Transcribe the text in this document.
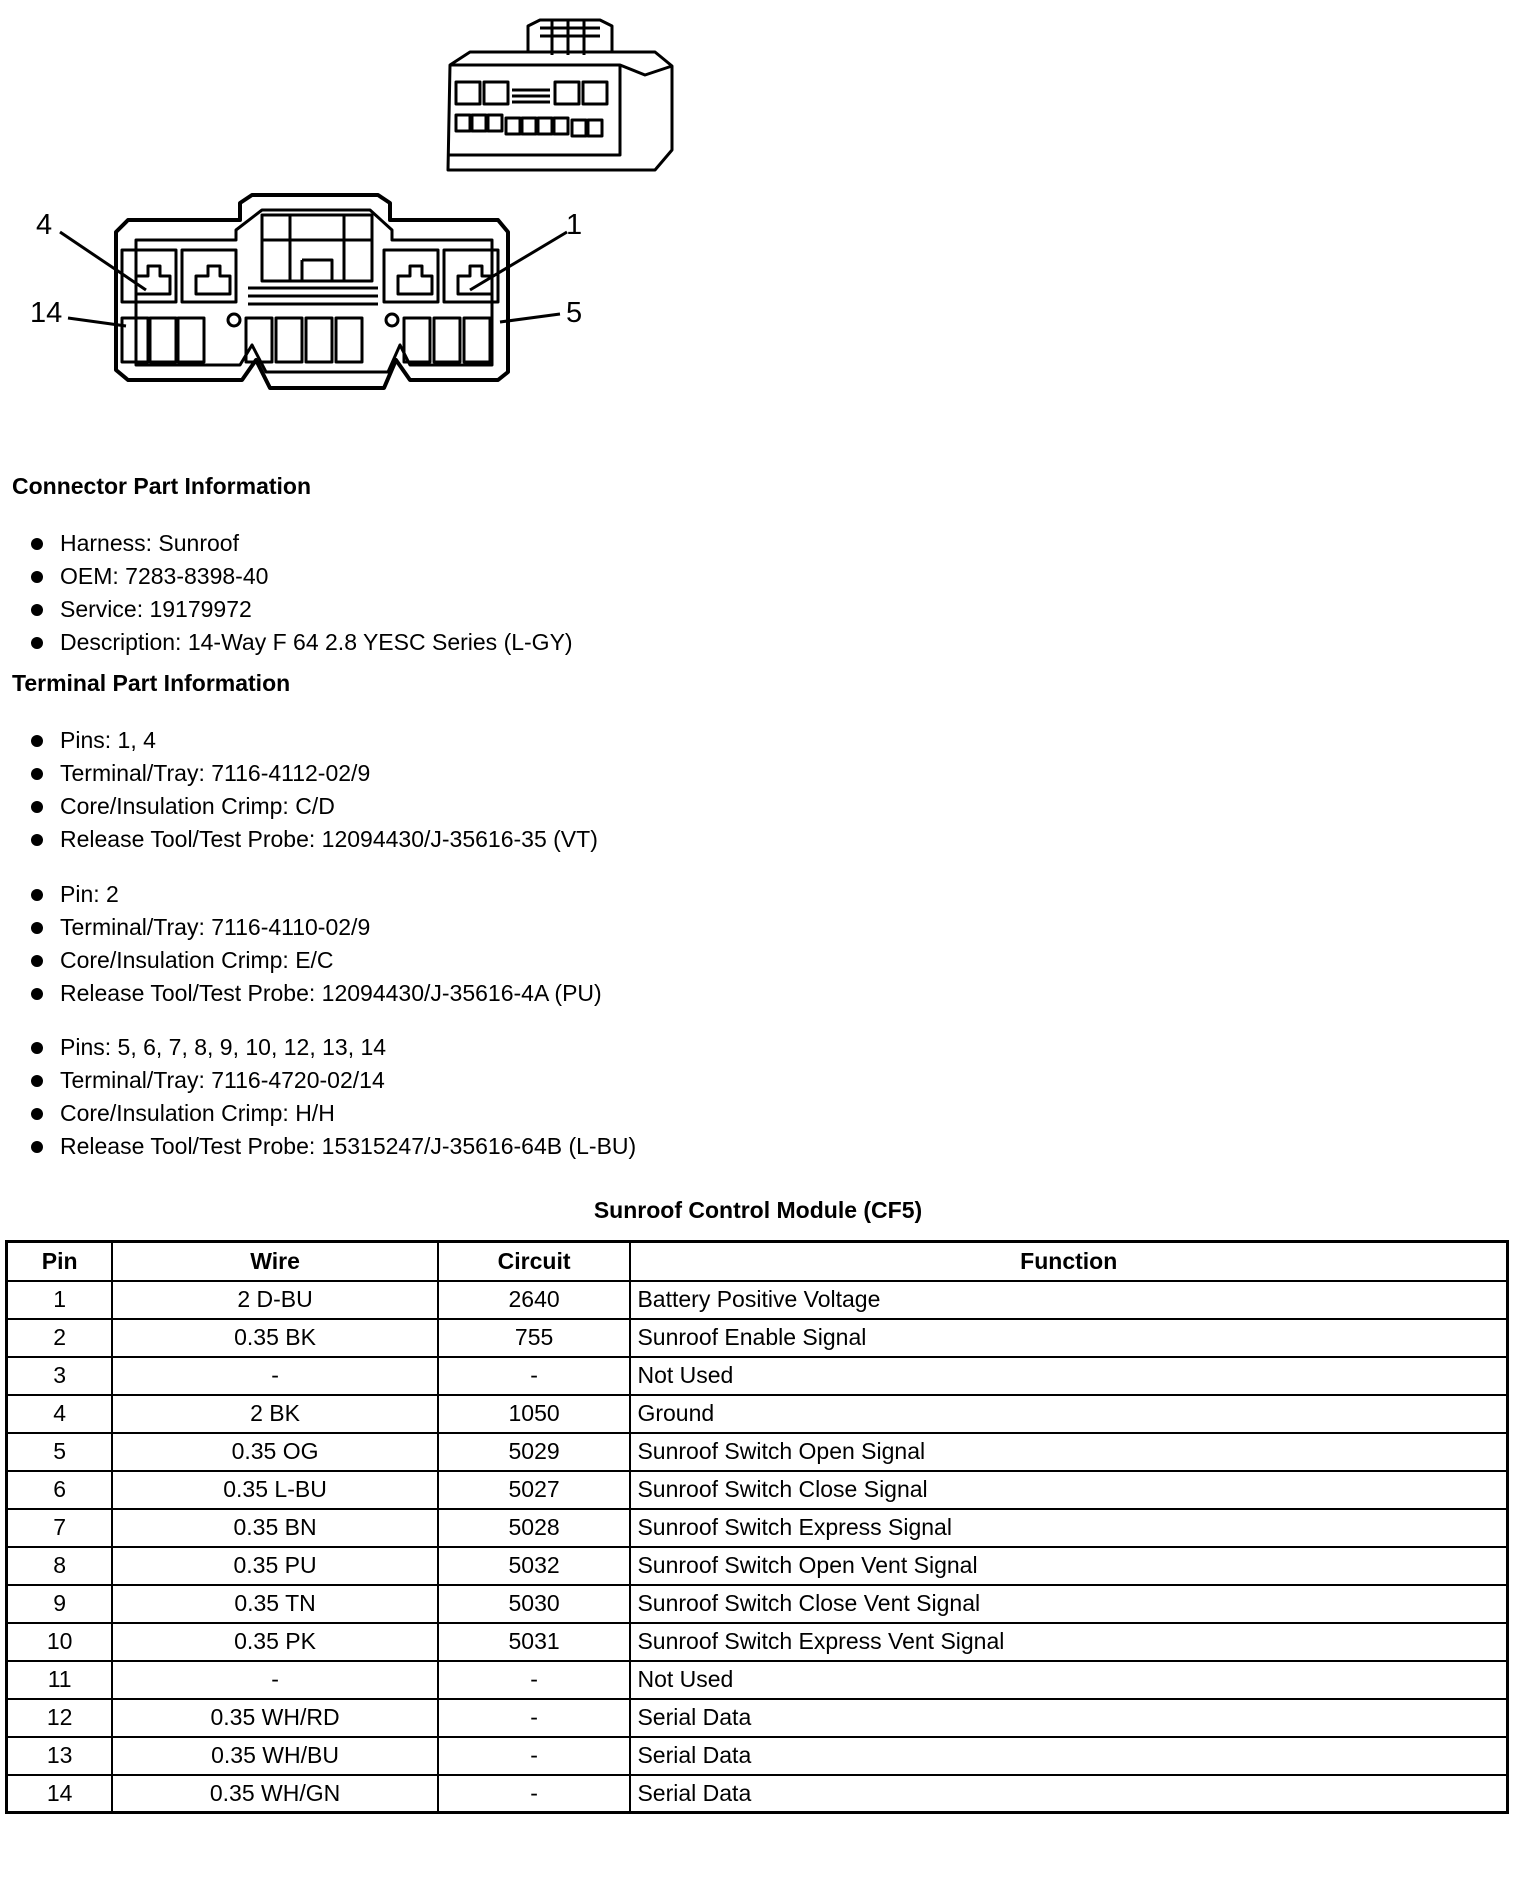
4	1
14	5
Connector Part Information
Harness: Sunroof
OEM: 7283-8398-40
Service: 19179972
Description: 14-Way F 64 2.8 YESC Series (L-GY)
Terminal Part Information
Pins: 1, 4
Terminal/Tray: 7116-4112-02/9
Core/Insulation Crimp: C/D
Release Tool/Test Probe: 12094430/J-35616-35 (VT)
Pin: 2
Terminal/Tray: 7116-4110-02/9
Core/Insulation Crimp: E/C
Release Tool/Test Probe: 12094430/J-35616-4A (PU)
Pins: 5, 6, 7, 8, 9, 10, 12, 13, 14
Terminal/Tray: 7116-4720-02/14
Core/Insulation Crimp: H/H
Release Tool/Test Probe: 15315247/J-35616-64B (L-BU)
Sunroof Control Module (CF5)
Pin	Wire	Circuit	Function
1	2 D-BU	2640	Battery Positive Voltage
2	0.35 BK	755	Sunroof Enable Signal
3	-	-	Not Used
4	2 BK	1050	Ground
5	0.35 OG	5029	Sunroof Switch Open Signal
6	0.35 L-BU	5027	Sunroof Switch Close Signal
7	0.35 BN	5028	Sunroof Switch Express Signal
8	0.35 PU	5032	Sunroof Switch Open Vent Signal
9	0.35 TN	5030	Sunroof Switch Close Vent Signal
10	0.35 PK	5031	Sunroof Switch Express Vent Signal
11	-	-	Not Used
12	0.35 WH/RD	-	Serial Data
13	0.35 WH/BU	-	Serial Data
14	0.35 WH/GN	-	Serial Data
